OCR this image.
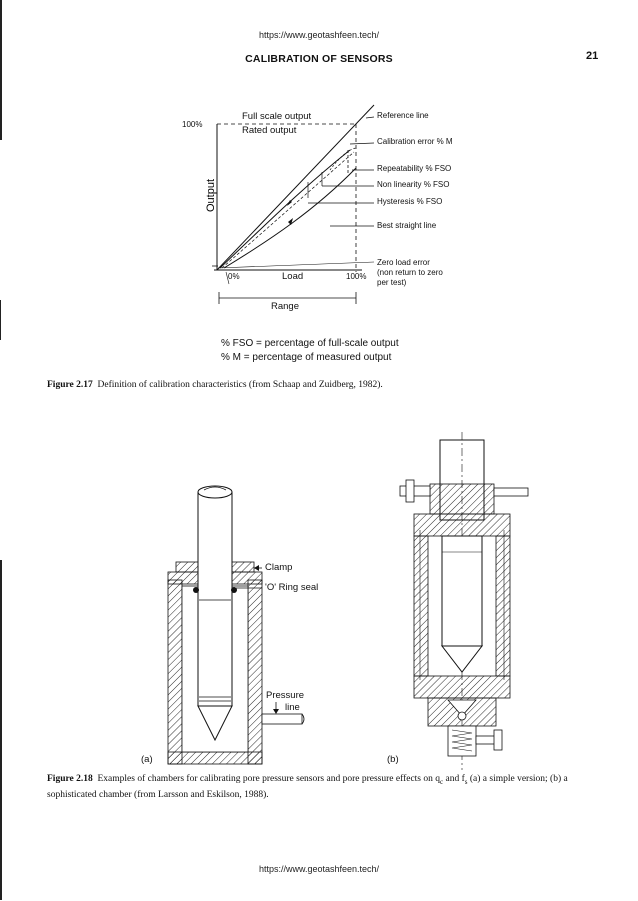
https://www.geotashfeen.tech/
CALIBRATION OF SENSORS	21
Output
Full scale output
Rated output
100%
0%	Load	100%
Range
Reference line
Calibration error % M
Repeatability % FSO
Non linearity % FSO
Hysteresis % FSO
Best straight line
Zero load error
(non return to zero
per test)
% FSO = percentage of full-scale output
% M = percentage of measured output
Figure 2.17 Definition of calibration characteristics (from Schaap and Zuidberg, 1982).
Clamp
'O' Ring seal
Pressure
line
(a)	(b)
Figure 2.18 Examples of chambers for calibrating pore pressure sensors and pore pressure effects on $q_c$ and $f_s$ (a) a simple version; (b) a sophisticated chamber (from Larsson and Eskilson, 1988).
https://www.geotashfeen.tech/
